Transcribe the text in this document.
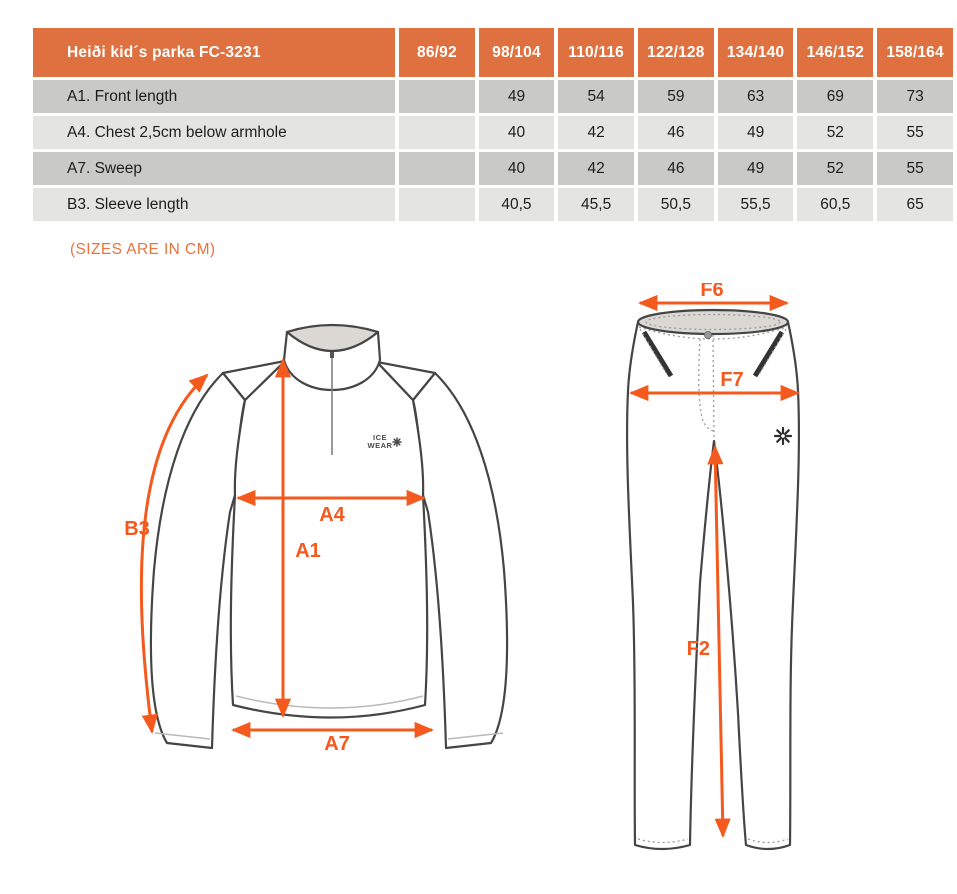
Heiði kid´s parka FC-3231	86/92	98/104	110/116	122/128	134/140	146/152	158/164
A1. Front length		49	54	59	63	69	73
A4. Chest 2,5cm below armhole		40	42	46	49	52	55
A7. Sweep		40	42	46	49	52	55
B3. Sleeve length		40,5	45,5	50,5	55,5	60,5	65
(SIZES ARE IN CM)
ICE
WEAR
B3
A1
A4
A7
F6
F7
F2
